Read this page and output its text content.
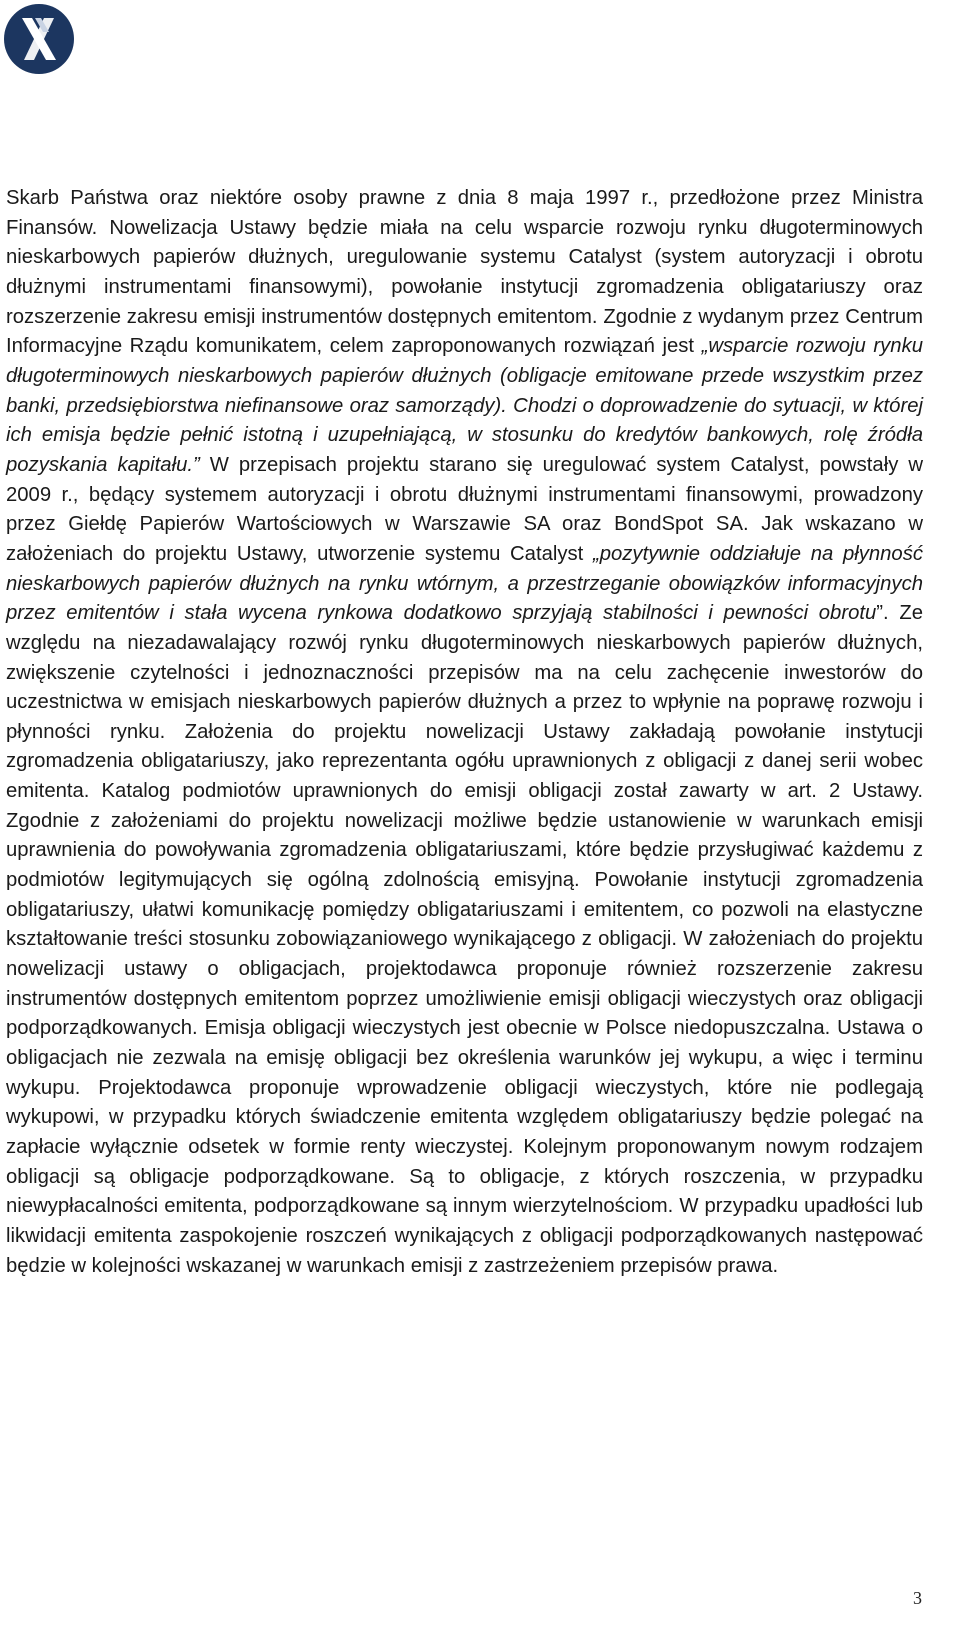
Skarb Państwa oraz niektóre osoby prawne z dnia 8 maja 1997 r., przedłożone przez Ministra Finansów. Nowelizacja Ustawy będzie miała na celu wsparcie rozwoju rynku długoterminowych nieskarbowych papierów dłużnych, uregulowanie systemu Catalyst (system autoryzacji i obrotu dłużnymi instrumentami finansowymi), powołanie instytucji zgromadzenia obligatariuszy oraz rozszerzenie zakresu emisji instrumentów dostępnych emitentom. Zgodnie z wydanym przez Centrum Informacyjne Rządu komunikatem, celem zaproponowanych rozwiązań jest „wsparcie rozwoju rynku długoterminowych nieskarbowych papierów dłużnych (obligacje emitowane przede wszystkim przez banki, przedsiębiorstwa niefinansowe oraz samorządy). Chodzi o doprowadzenie do sytuacji, w której ich emisja będzie pełnić istotną i uzupełniającą, w stosunku do kredytów bankowych, rolę źródła pozyskania kapitału.” W przepisach projektu starano się uregulować system Catalyst, powstały w 2009 r., będący systemem autoryzacji i obrotu dłużnymi instrumentami finansowymi, prowadzony przez Giełdę Papierów Wartościowych w Warszawie SA oraz BondSpot SA. Jak wskazano w założeniach do projektu Ustawy, utworzenie systemu Catalyst „pozytywnie oddziałuje na płynność nieskarbowych papierów dłużnych na rynku wtórnym, a przestrzeganie obowiązków informacyjnych przez emitentów i stała wycena rynkowa dodatkowo sprzyjają stabilności i pewności obrotu”. Ze względu na niezadawalający rozwój rynku długoterminowych nieskarbowych papierów dłużnych, zwiększenie czytelności i jednoznaczności przepisów ma na celu zachęcenie inwestorów do uczestnictwa w emisjach nieskarbowych papierów dłużnych a przez to wpłynie na poprawę rozwoju i płynności rynku. Założenia do projektu nowelizacji Ustawy zakładają powołanie instytucji zgromadzenia obligatariuszy, jako reprezentanta ogółu uprawnionych z obligacji z danej serii wobec emitenta. Katalog podmiotów uprawnionych do emisji obligacji został zawarty w art. 2 Ustawy. Zgodnie z założeniami do projektu nowelizacji możliwe będzie ustanowienie w warunkach emisji uprawnienia do powoływania zgromadzenia obligatariuszami, które będzie przysługiwać każdemu z podmiotów legitymujących się ogólną zdolnością emisyjną. Powołanie instytucji zgromadzenia obligatariuszy, ułatwi komunikację pomiędzy obligatariuszami i emitentem, co pozwoli na elastyczne kształtowanie treści stosunku zobowiązaniowego wynikającego z obligacji. W założeniach do projektu nowelizacji ustawy o obligacjach, projektodawca proponuje również rozszerzenie zakresu instrumentów dostępnych emitentom poprzez umożliwienie emisji obligacji wieczystych oraz obligacji podporządkowanych. Emisja obligacji wieczystych jest obecnie w Polsce niedopuszczalna. Ustawa o obligacjach nie zezwala na emisję obligacji bez określenia warunków jej wykupu, a więc i terminu wykupu. Projektodawca proponuje wprowadzenie obligacji wieczystych, które nie podlegają wykupowi, w przypadku których świadczenie emitenta względem obligatariuszy będzie polegać na zapłacie wyłącznie odsetek w formie renty wieczystej. Kolejnym proponowanym nowym rodzajem obligacji są obligacje podporządkowane. Są to obligacje, z których roszczenia, w przypadku niewypłacalności emitenta, podporządkowane są innym wierzytelnościom. W przypadku upadłości lub likwidacji emitenta zaspokojenie roszczeń wynikających z obligacji podporządkowanych następować będzie w kolejności wskazanej w warunkach emisji z zastrzeżeniem przepisów prawa.

3
